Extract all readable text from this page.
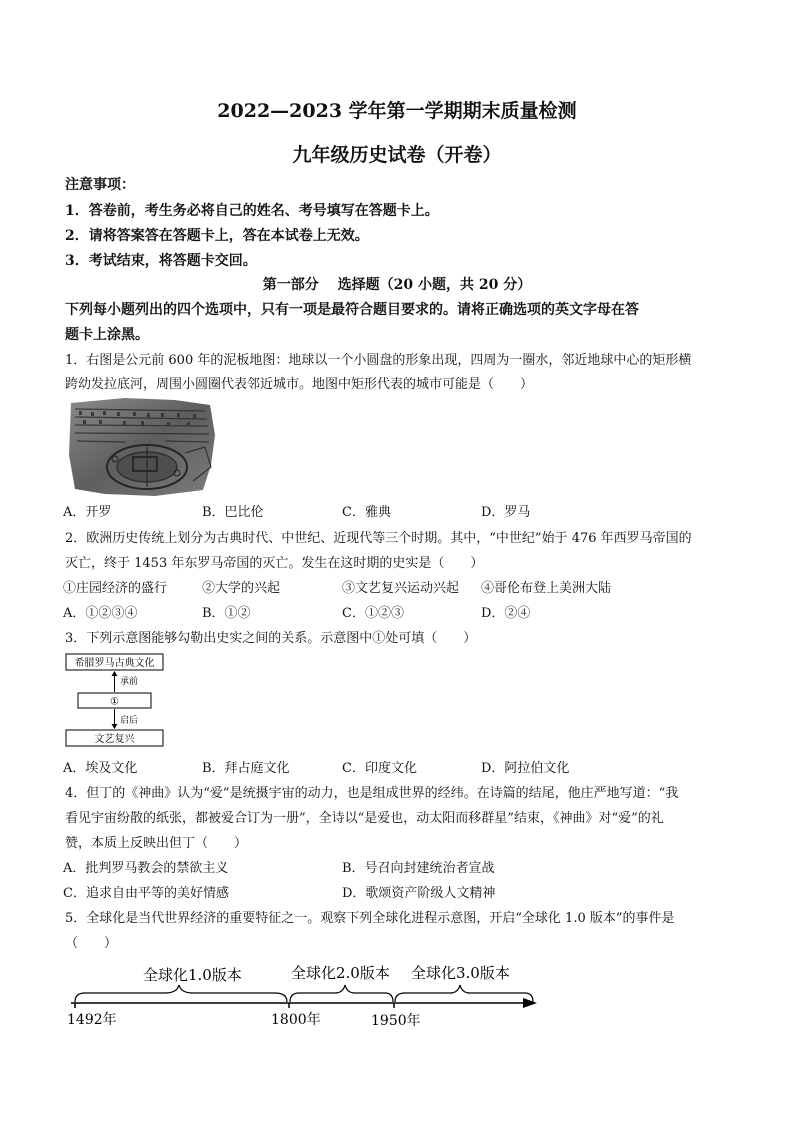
2022—2023 学年第一学期期末质量检测
九年级历史试卷（开卷）
注意事项：
1．答卷前，考生务必将自己的姓名、考号填写在答题卡上。
2．请将答案答在答题卡上，答在本试卷上无效。
3．考试结束，将答题卡交回。
第一部分　 选择题（20 小题，共 20 分）
下列每小题列出的四个选项中，只有一项是最符合题目要求的。请将正确选项的英文字母在答
题卡上涂黑。
1．右图是公元前 600 年的泥板地图：地球以一个小圆盘的形象出现，四周为一圈水，邻近地球中心的矩形横
跨幼发拉底河，周围小圆圈代表邻近城市。地图中矩形代表的城市可能是（　　）
A．开罗	B．巴比伦	C．雅典	D．罗马
2．欧洲历史传统上划分为古典时代、中世纪、近现代等三个时期。其中，“中世纪”始于 476 年西罗马帝国的
灭亡，终于 1453 年东罗马帝国的灭亡。发生在这时期的史实是（　　）
①庄园经济的盛行	②大学的兴起	③文艺复兴运动兴起 ④哥伦布登上美洲大陆
A．①②③④	B．①②	C．①②③	D．②④
3．下列示意图能够勾勒出史实之间的关系。示意图中①处可填（　　）
希腊罗马古典文化
承前
①
启后
文艺复兴
A．埃及文化	B．拜占庭文化	C．印度文化	D．阿拉伯文化
4．但丁的《神曲》认为“爱”是统摄宇宙的动力，也是组成世界的经纬。在诗篇的结尾，他庄严地写道：“我
看见宇宙纷散的纸张，都被爱合订为一册”，全诗以“是爱也，动太阳而移群星”结束，《神曲》对“爱”的礼
赞，本质上反映出但丁（　　）
A．批判罗马教会的禁欲主义	B．号召向封建统治者宣战
C．追求自由平等的美好情感	D．歌颂资产阶级人文精神
5．全球化是当代世界经济的重要特征之一。观察下列全球化进程示意图，开启“全球化 1.0 版本”的事件是
（　　）
全球化1.0版本	全球化2.0版本 全球化3.0版本
1492年	1800年	1950年
